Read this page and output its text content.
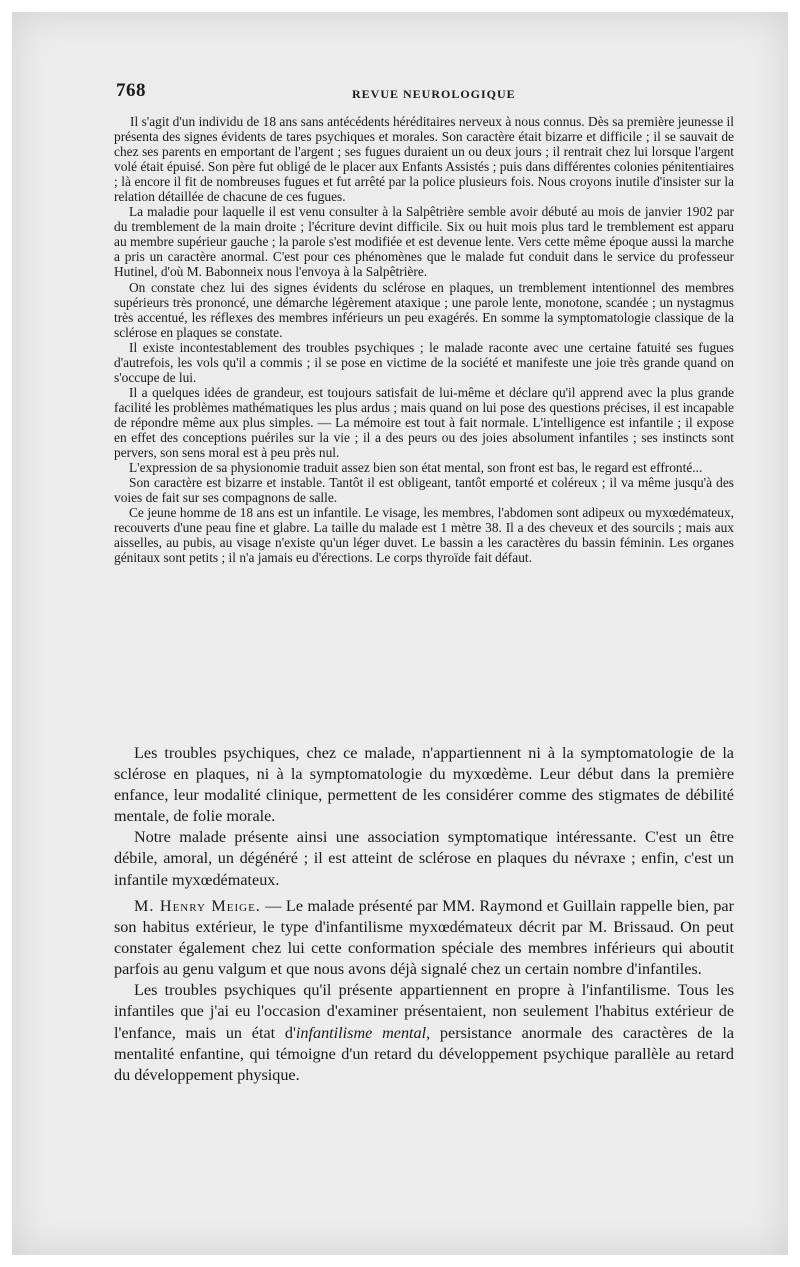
768	REVUE NEUROLOGIQUE

Il s'agit d'un individu de 18 ans sans antécédents héréditaires nerveux à nous connus. Dès sa première jeunesse il présenta des signes évidents de tares psychiques et morales. Son caractère était bizarre et difficile ; il se sauvait de chez ses parents en emportant de l'argent ; ses fugues duraient un ou deux jours ; il rentrait chez lui lorsque l'argent volé était épuisé. Son père fut obligé de le placer aux Enfants Assistés ; puis dans différentes colonies pénitentiaires ; là encore il fit de nombreuses fugues et fut arrêté par la police plusieurs fois. Nous croyons inutile d'insister sur la relation détaillée de chacune de ces fugues.

La maladie pour laquelle il est venu consulter à la Salpêtrière semble avoir débuté au mois de janvier 1902 par du tremblement de la main droite ; l'écriture devint difficile. Six ou huit mois plus tard le tremblement est apparu au membre supérieur gauche ; la parole s'est modifiée et est devenue lente. Vers cette même époque aussi la marche a pris un caractère anormal. C'est pour ces phénomènes que le malade fut conduit dans le service du professeur Hutinel, d'où M. Babonneix nous l'envoya à la Salpêtrière.

On constate chez lui des signes évidents du sclérose en plaques, un tremblement intentionnel des membres supérieurs très prononcé, une démarche légèrement ataxique ; une parole lente, monotone, scandée ; un nystagmus très accentué, les réflexes des membres inférieurs un peu exagérés. En somme la symptomatologie classique de la sclérose en plaques se constate.

Il existe incontestablement des troubles psychiques ; le malade raconte avec une certaine fatuité ses fugues d'autrefois, les vols qu'il a commis ; il se pose en victime de la société et manifeste une joie très grande quand on s'occupe de lui.

Il a quelques idées de grandeur, est toujours satisfait de lui-même et déclare qu'il apprend avec la plus grande facilité les problèmes mathématiques les plus ardus ; mais quand on lui pose des questions précises, il est incapable de répondre même aux plus simples. — La mémoire est tout à fait normale. L'intelligence est infantile ; il expose en effet des conceptions puériles sur la vie ; il a des peurs ou des joies absolument infantiles ; ses instincts sont pervers, son sens moral est à peu près nul.

L'expression de sa physionomie traduit assez bien son état mental, son front est bas, le regard est effronté...

Son caractère est bizarre et instable. Tantôt il est obligeant, tantôt emporté et coléreux ; il va même jusqu'à des voies de fait sur ses compagnons de salle.

Ce jeune homme de 18 ans est un infantile. Le visage, les membres, l'abdomen sont adipeux ou myxœdémateux, recouverts d'une peau fine et glabre. La taille du malade est 1 mètre 38. Il a des cheveux et des sourcils ; mais aux aisselles, au pubis, au visage n'existe qu'un léger duvet. Le bassin a les caractères du bassin féminin. Les organes génitaux sont petits ; il n'a jamais eu d'érections. Le corps thyroïde fait défaut.

Les troubles psychiques, chez ce malade, n'appartiennent ni à la symptomatologie de la sclérose en plaques, ni à la symptomatologie du myxœdème. Leur début dans la première enfance, leur modalité clinique, permettent de les considérer comme des stigmates de débilité mentale, de folie morale.

Notre malade présente ainsi une association symptomatique intéressante. C'est un être débile, amoral, un dégénéré ; il est atteint de sclérose en plaques du névraxe ; enfin, c'est un infantile myxœdémateux.

M. Henry Meige. — Le malade présenté par MM. Raymond et Guillain rappelle bien, par son habitus extérieur, le type d'infantilisme myxœdémateux décrit par M. Brissaud. On peut constater également chez lui cette conformation spéciale des membres inférieurs qui aboutit parfois au genu valgum et que nous avons déjà signalé chez un certain nombre d'infantiles.

Les troubles psychiques qu'il présente appartiennent en propre à l'infantilisme. Tous les infantiles que j'ai eu l'occasion d'examiner présentaient, non seulement l'habitus extérieur de l'enfance, mais un état d'infantilisme mental, persistance anormale des caractères de la mentalité enfantine, qui témoigne d'un retard du développement psychique parallèle au retard du développement physique.
